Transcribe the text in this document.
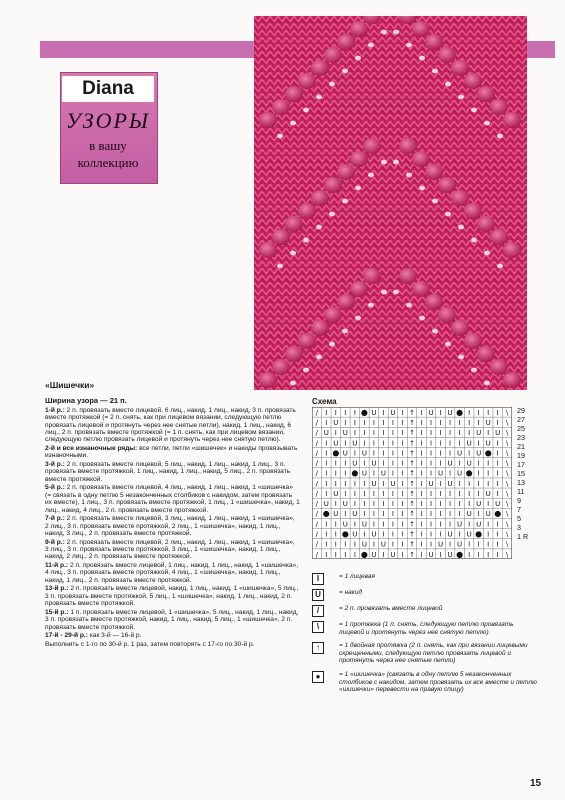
Diana
УЗОРЫ
в вашу
коллекцию
«Шишечки»
Ширина узора — 21 п.
1-й р.: 2 п. провязать вместе лицевой, 6 лиц., накид, 1 лиц., накид, 3 п. провязать вместе протяжкой (= 2 п. снять, как при лицевом вязании, следующую петлю провязать лицевой и протянуть через нее снятые петли), накид, 1 лиц., накид, 6 лиц., 2 п. провязать вместе протяжкой (= 1 п. снять, как при лицевом вязании, следующую петлю провязать лицевой и протянуть через нее снятую петлю).
2-й и все изнаночные ряды: все петли, петли «шишечек» и накиды провязывать изнаночными.
3-й р.: 2 п. провязать вместе лицевой, 5 лиц., накид, 1 лиц., накид, 1 лиц., 3 п. провязать вместе протяжкой, 1 лиц., накид, 1 лиц., накид, 5 лиц., 2 п. провязать вместе протяжкой.
5-й р.: 2 п. провязать вместе лицевой, 4 лиц., накид, 1 лиц., накид, 1 «шишечка» (= связать в одну петлю 5 незаконченных столбиков с накидом, затем провязать их вместе), 1 лиц., 3 п. провязать вместе протяжкой, 1 лиц., 1 «шишечка», накид, 1 лиц., накид, 4 лиц., 2 п. провязать вместе протяжкой.
7-й р.: 2 п. провязать вместе лицевой, 3 лиц., накид, 1 лиц., накид, 1 «шишечка», 2 лиц., 3 п. провязать вместе протяжкой, 2 лиц., 1 «шишечка», накид, 1 лиц., накид, 3 лиц., 2 п. провязать вместе протяжкой.
9-й р.: 2 п. провязать вместе лицевой, 2 лиц., накид, 1 лиц., накид, 1 «шишечка», 3 лиц., 3 п. провязать вместе протяжкой, 3 лиц., 1 «шишечка», накид, 1 лиц., накид, 2 лиц., 2 п. провязать вместе протяжкой.
11-й р.: 2 п. провязать вместе лицевой, 1 лиц., накид, 1 лиц., накид, 1 «шишечка», 4 лиц., 3 п. провязать вместе протяжкой, 4 лиц., 1 «шишечка», накид, 1 лиц., накид, 1 лиц., 2 п. провязать вместе протяжкой.
13-й р.: 2 п. провязать вместе лицевой, накид, 1 лиц., накид, 1 «шишечка», 5 лиц., 3 п. провязать вместе протяжкой, 5 лиц., 1 «шишечка», накид, 1 лиц., накид, 2 п. провязать вместе протяжкой.
15-й р.: 1 п. провязать вместе лицевой, 1 «шишечка», 5 лиц., накид, 1 лиц., накид, 3 п. провязать вместе протяжкой, накид, 1 лиц., накид, 5 лиц., 1 «шишечка», 2 п. провязать вместе протяжкой.
17-й - 29-й р.: как 3-й — 16-й р.
Выполнить с 1-го по 30-й р. 1 раз, затем повторять с 17-го по 30-й р.
Схема
/ I I I I ● U I U I ↑ I U I U ● I I I I \
/ I U I I I I I I I ↑ I I I I I I I U I \
/ U I U I I I I I I ↑ I I I I I I U I U \
/ I U I U I I I I I ↑ I I I I I U I U I \
/ I ● U I U I I I I ↑ I I I I U I U ● I \
/ I I I U I U I I I ↑ I I I U I U I I I \
/ I I I ● U I U I I ↑ I I U I U ● I I I \
/ I I I I I U I U I ↑ I U I U I I I I I \
/ I U I I I I I I I ↑ I I I I I I I U I \
/ U I U I I I I I I ↑ I I I I I I U I U \
/ ● U I U I I I I I ↑ I I I I I U I U ● \
/ I I U I U I I I I ↑ I I I I U I U I I \
/ I I ● U I U I I I ↑ I I I U I U ● I I \
/ I I I I U I U I I ↑ I I U I U I I I I \
/ I I I I ● U I U I ↑ I U I U ● I I I I \
29
27
25
23
21
19
17
15
13
11
9
7
5
3
1 R
I	= 1 лицевая
U	= накид
/	= 2 п. провязать вместе лицевой
\	= 1 протяжка (1 п. снять, следующую петлю провязать лицевой и протянуть через нее снятую петлю)
↑	= 1 двойная протяжка (2 п. снять, как при вязании лицевыми скрещенными, следующую петлю провязать лицевой и протянуть через нее снятые петли)
●	= 1 «шишечка» (связать в одну петлю 5 незаконченных столбиков с накидом, затем провязать их все вместе и петлю «шишечки» перевести на правую спицу)
15
